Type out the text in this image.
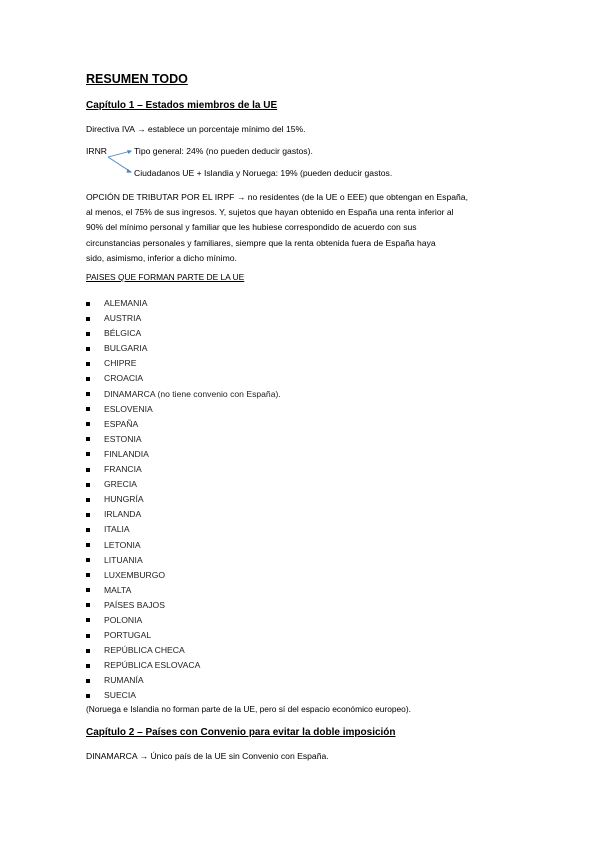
RESUMEN TODO
Capítulo 1 – Estados miembros de la UE
Directiva IVA → establece un porcentaje mínimo del 15%.
IRNR	Tipo general: 24% (no pueden deducir gastos).
Ciudadanos UE + Islandia y Noruega: 19% (pueden deducir gastos.
OPCIÓN DE TRIBUTAR POR EL IRPF → no residentes (de la UE o EEE) que obtengan en España,
al menos, el 75% de sus ingresos. Y, sujetos que hayan obtenido en España una renta inferior al
90% del mínimo personal y familiar que les hubiese correspondido de acuerdo con sus
circunstancias personales y familiares, siempre que la renta obtenida fuera de España haya
sido, asimismo, inferior a dicho mínimo.
PAISES QUE FORMAN PARTE DE LA UE
ALEMANIA
AUSTRIA
BÉLGICA
BULGARIA
CHIPRE
CROACIA
DINAMARCA (no tiene convenio con España).
ESLOVENIA
ESPAÑA
ESTONIA
FINLANDIA
FRANCIA
GRECIA
HUNGRÍA
IRLANDA
ITALIA
LETONIA
LITUANIA
LUXEMBURGO
MALTA
PAÍSES BAJOS
POLONIA
PORTUGAL
REPÚBLICA CHECA
REPÚBLICA ESLOVACA
RUMANÍA
SUECIA
(Noruega e Islandia no forman parte de la UE, pero sí del espacio económico europeo).
Capítulo 2 – Países con Convenio para evitar la doble imposición
DINAMARCA → Único país de la UE sin Convenio con España.
